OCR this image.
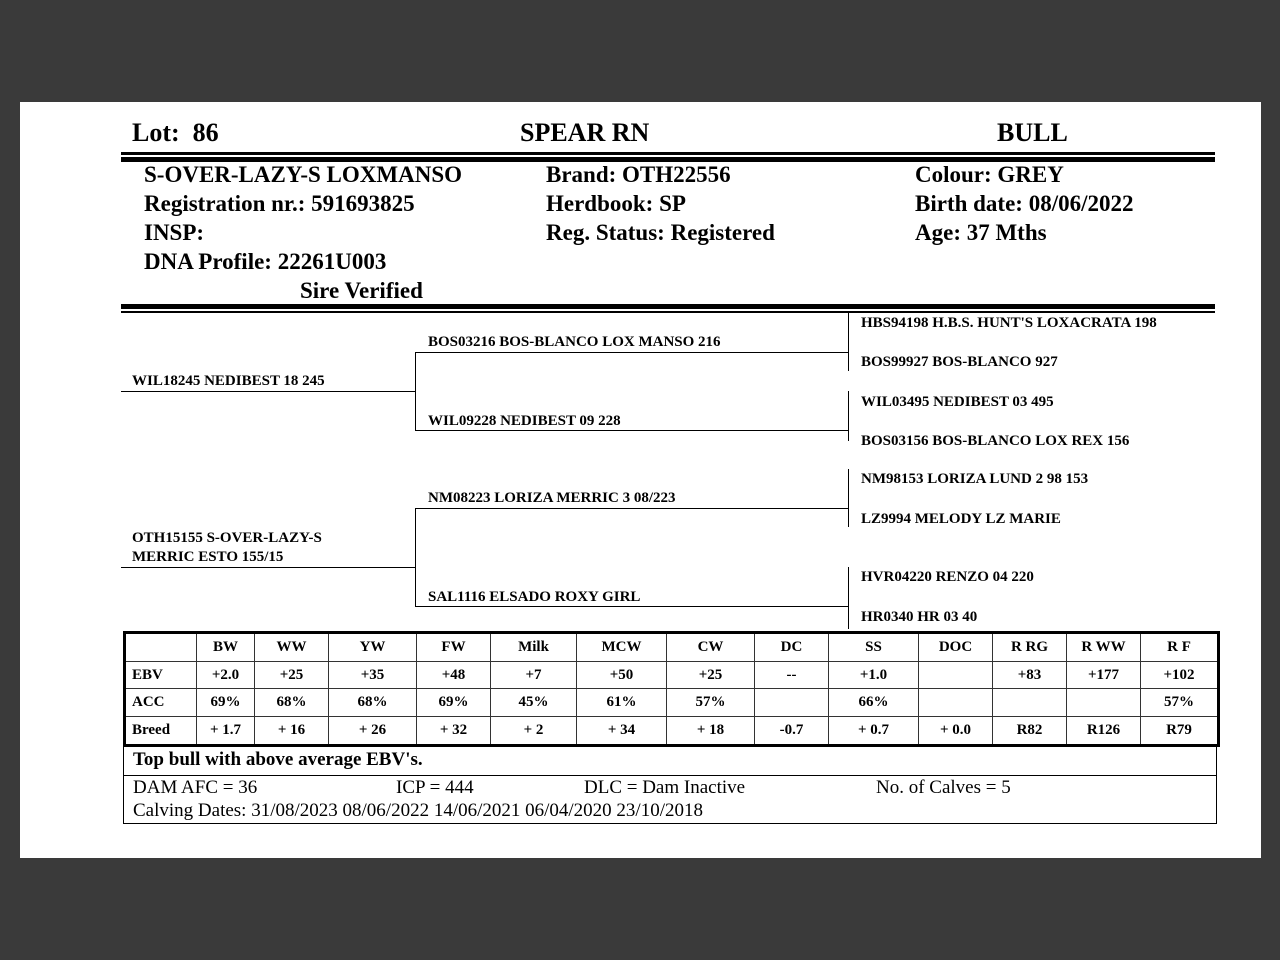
Lot: 86	SPEAR RN	BULL
S-OVER-LAZY-S LOXMANSO
Registration nr.: 591693825
INSP:
DNA Profile: 22261U003
Sire Verified
Brand: OTH22556
Herdbook: SP
Reg. Status: Registered
Colour: GREY
Birth date: 08/06/2022
Age: 37 Mths
WIL18245 NEDIBEST 18 245
BOS03216 BOS-BLANCO LOX MANSO 216
WIL09228 NEDIBEST 09 228
HBS94198 H.B.S. HUNT'S LOXACRATA 198
BOS99927 BOS-BLANCO 927
WIL03495 NEDIBEST 03 495
BOS03156 BOS-BLANCO LOX REX 156
OTH15155 S-OVER-LAZY-S
MERRIC ESTO 155/15
NM08223 LORIZA MERRIC 3 08/223
SAL1116 ELSADO ROXY GIRL
NM98153 LORIZA LUND 2 98 153
LZ9994 MELODY LZ MARIE
HVR04220 RENZO 04 220
HR0340 HR 03 40
	BW	WW	YW	FW	Milk	MCW	CW	DC	SS	DOC	R RG	R WW	R F
EBV	+2.0	+25	+35	+48	+7	+50	+25	--	+1.0		+83	+177	+102
ACC	69%	68%	68%	69%	45%	61%	57%		66%				57%
Breed	+ 1.7	+ 16	+ 26	+ 32	+ 2	+ 34	+ 18	-0.7	+ 0.7	+ 0.0	R82	R126	R79
Top bull with above average EBV's.
DAM AFC = 36	ICP = 444	DLC = Dam Inactive	No. of Calves = 5
Calving Dates: 31/08/2023 08/06/2022 14/06/2021 06/04/2020 23/10/2018
